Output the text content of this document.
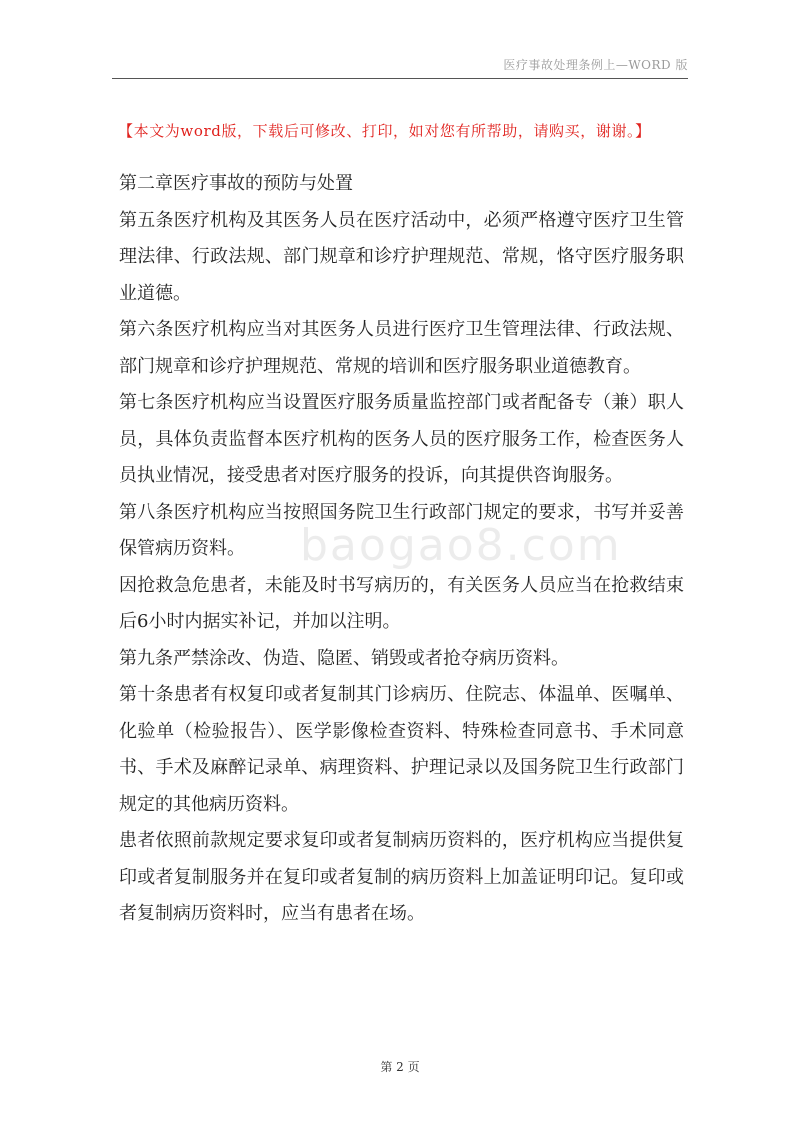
医疗事故处理条例上—WORD 版
【本文为word版，下载后可修改、打印，如对您有所帮助，请购买，谢谢。】
baogao8.com

第二章医疗事故的预防与处置

第五条医疗机构及其医务人员在医疗活动中，必须严格遵守医疗卫生管理法律、行政法规、部门规章和诊疗护理规范、常规，恪守医疗服务职业道德。

第六条医疗机构应当对其医务人员进行医疗卫生管理法律、行政法规、部门规章和诊疗护理规范、常规的培训和医疗服务职业道德教育。

第七条医疗机构应当设置医疗服务质量监控部门或者配备专（兼）职人员，具体负责监督本医疗机构的医务人员的医疗服务工作，检查医务人员执业情况，接受患者对医疗服务的投诉，向其提供咨询服务。

第八条医疗机构应当按照国务院卫生行政部门规定的要求，书写并妥善保管病历资料。

因抢救急危患者，未能及时书写病历的，有关医务人员应当在抢救结束后6小时内据实补记，并加以注明。

第九条严禁涂改、伪造、隐匿、销毁或者抢夺病历资料。

第十条患者有权复印或者复制其门诊病历、住院志、体温单、医嘱单、化验单（检验报告）、医学影像检查资料、特殊检查同意书、手术同意书、手术及麻醉记录单、病理资料、护理记录以及国务院卫生行政部门规定的其他病历资料。

患者依照前款规定要求复印或者复制病历资料的，医疗机构应当提供复印或者复制服务并在复印或者复制的病历资料上加盖证明印记。复印或者复制病历资料时，应当有患者在场。

第 2 页
